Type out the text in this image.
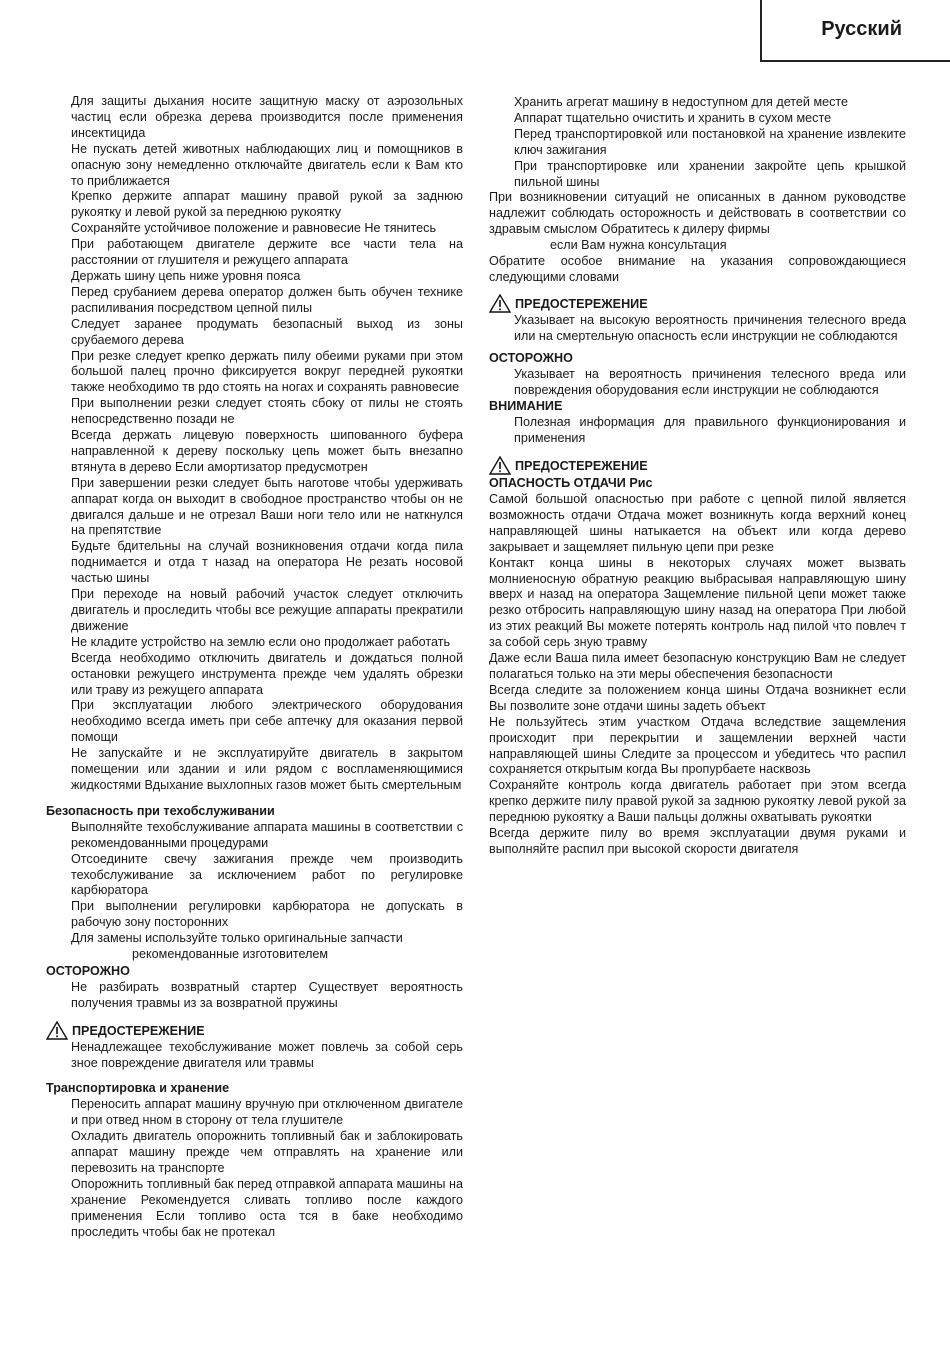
Русский

Для защиты дыхания носите защитную маску от аэрозольных частиц если обрезка дерева производится после применения инсектицида

Не пускать детей животных наблюдающих лиц и помощников в опасную зону немедленно отключайте двигатель если к Вам кто то приближается

Крепко держите аппарат машину правой рукой за заднюю рукоятку и левой рукой за переднюю рукоятку

Сохраняйте устойчивое положение и равновесие Не тянитесь

При работающем двигателе держите все части тела на расстоянии от глушителя и режущего аппарата

Держать шину цепь ниже уровня пояса

Перед срубанием дерева оператор должен быть обучен технике распиливания посредством цепной пилы

Следует заранее продумать безопасный выход из зоны срубаемого дерева

При резке следует крепко держать пилу обеими руками при этом большой палец прочно фиксируется вокруг передней рукоятки также необходимо тв рдо стоять на ногах и сохранять равновесие

При выполнении резки следует стоять сбоку от пилы не стоять непосредственно позади не

Всегда держать лицевую поверхность шипованного буфера направленной к дереву поскольку цепь может быть внезапно втянута в дерево Если амортизатор предусмотрен

При завершении резки следует быть наготове чтобы удерживать аппарат когда он выходит в свободное пространство чтобы он не двигался дальше и не отрезал Ваши ноги тело или не наткнулся на препятствие

Будьте бдительны на случай возникновения отдачи когда пила поднимается и отда т назад на оператора Не резать носовой частью шины

При переходе на новый рабочий участок следует отключить двигатель и проследить чтобы все режущие аппараты прекратили движение

Не кладите устройство на землю если оно продолжает работать

Всегда необходимо отключить двигатель и дождаться полной остановки режущего инструмента прежде чем удалять обрезки или траву из режущего аппарата

При эксплуатации любого электрического оборудования необходимо всегда иметь при себе аптечку для оказания первой помощи

Не запускайте и не эксплуатируйте двигатель в закрытом помещении или здании и или рядом с воспламеняющимися жидкостями Вдыхание выхлопных газов может быть смертельным

Безопасность при техобслуживании

Выполняйте техобслуживание аппарата машины в соответствии с рекомендованными процедурами

Отсоедините свечу зажигания прежде чем производить техобслуживание за исключением работ по регулировке карбюратора

При выполнении регулировки карбюратора не допускать в рабочую зону посторонних

Для замены используйте только оригинальные запчасти

рекомендованные изготовителем

ОСТОРОЖНО

Не разбирать возвратный стартер Существует вероятность получения травмы из за возвратной пружины

ПРЕДОСТЕРЕЖЕНИЕ

Ненадлежащее техобслуживание может повлечь за собой серь зное повреждение двигателя или травмы

Транспортировка и хранение

Переносить аппарат машину вручную при отключенном двигателе и при отвед нном в сторону от тела глушителе

Охладить двигатель опорожнить топливный бак и заблокировать аппарат машину прежде чем отправлять на хранение или перевозить на транспорте

Опорожнить топливный бак перед отправкой аппарата машины на хранение Рекомендуется сливать топливо после каждого применения Если топливо оста тся в баке необходимо проследить чтобы бак не протекал

Хранить агрегат машину в недоступном для детей месте

Аппарат тщательно очистить и хранить в сухом месте

Перед транспортировкой или постановкой на хранение извлеките ключ зажигания

При транспортировке или хранении закройте цепь крышкой пильной шины

При возникновении ситуаций не описанных в данном руководстве надлежит соблюдать осторожность и действовать в соответствии со здравым смыслом Обратитесь к дилеру фирмы

если Вам нужна консультация

Обратите особое внимание на указания сопровождающиеся следующими словами

ПРЕДОСТЕРЕЖЕНИЕ

Указывает на высокую вероятность причинения телесного вреда или на смертельную опасность если инструкции не соблюдаются

ОСТОРОЖНО

Указывает на вероятность причинения телесного вреда или повреждения оборудования если инструкции не соблюдаются

ВНИМАНИЕ

Полезная информация для правильного функционирования и применения

ПРЕДОСТЕРЕЖЕНИЕ

ОПАСНОСТЬ ОТДАЧИ Рис

Самой большой опасностью при работе с цепной пилой является возможность отдачи Отдача может возникнуть когда верхний конец направляющей шины натыкается на объект или когда дерево закрывает и защемляет пильную цепи при резке

Контакт конца шины в некоторых случаях может вызвать молниеносную обратную реакцию выбрасывая направляющую шину вверх и назад на оператора Защемление пильной цепи может также резко отбросить направляющую шину назад на оператора При любой из этих реакций Вы можете потерять контроль над пилой что повлеч т за собой серь зную травму

Даже если Ваша пила имеет безопасную конструкцию Вам не следует полагаться только на эти меры обеспечения безопасности

Всегда следите за положением конца шины Отдача возникнет если Вы позволите зоне отдачи шины задеть объект

Не пользуйтесь этим участком Отдача вследствие защемления происходит при перекрытии и защемлении верхней части направляющей шины Следите за процессом и убедитесь что распил сохраняется открытым когда Вы пропурбаете насквозь

Сохраняйте контроль когда двигатель работает при этом всегда крепко держите пилу правой рукой за заднюю рукоятку левой рукой за переднюю рукоятку а Ваши пальцы должны охватывать рукоятки

Всегда держите пилу во время эксплуатации двумя руками и выполняйте распил при высокой скорости двигателя
